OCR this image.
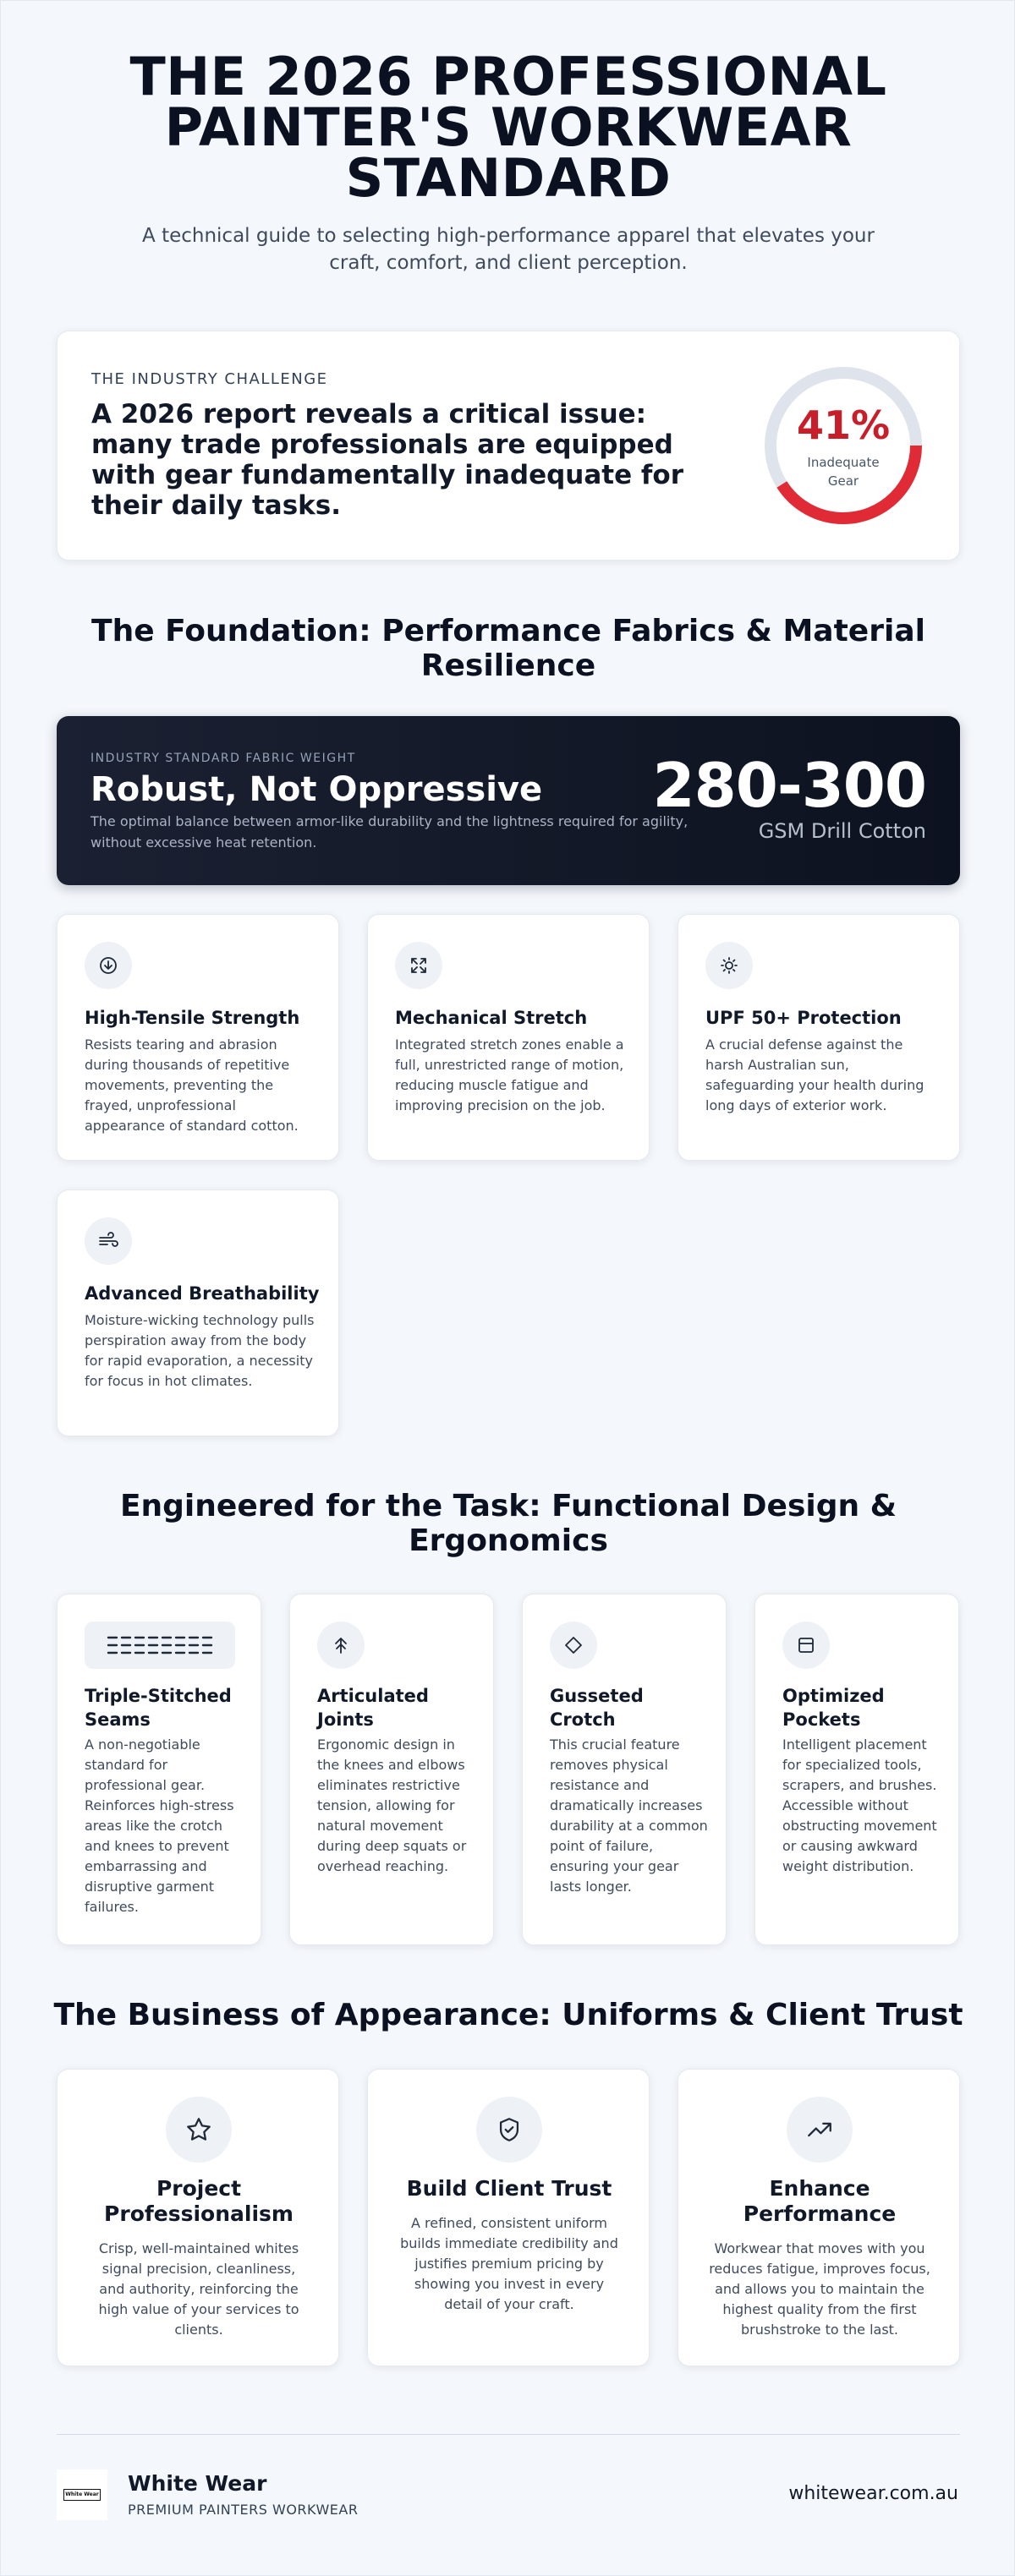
THE 2026 PROFESSIONAL PAINTER'S WORKWEAR STANDARD

A technical guide to selecting high-performance apparel that elevates your craft, comfort, and client perception.

THE INDUSTRY CHALLENGE
A 2026 report reveals a critical issue: many trade professionals are equipped with gear fundamentally inadequate for their daily tasks.
41%
Inadequate Gear
The Foundation: Performance Fabrics & Material Resilience
INDUSTRY STANDARD FABRIC WEIGHT
Robust, Not Oppressive
The optimal balance between armor-like durability and the lightness required for agility, without excessive heat retention.
280-300
GSM Drill Cotton
High-Tensile Strength

Resists tearing and abrasion during thousands of repetitive movements, preventing the frayed, unprofessional appearance of standard cotton.

Mechanical Stretch

Integrated stretch zones enable a full, unrestricted range of motion, reducing muscle fatigue and improving precision on the job.

UPF 50+ Protection

A crucial defense against the harsh Australian sun, safeguarding your health during long days of exterior work.

Advanced Breathability

Moisture-wicking technology pulls perspiration away from the body for rapid evaporation, a necessity for focus in hot climates.

Engineered for the Task: Functional Design & Ergonomics
Triple-Stitched Seams

A non-negotiable standard for professional gear. Reinforces high-stress areas like the crotch and knees to prevent embarrassing and disruptive garment failures.

Articulated Joints

Ergonomic design in the knees and elbows eliminates restrictive tension, allowing for natural movement during deep squats or overhead reaching.

Gusseted Crotch

This crucial feature removes physical resistance and dramatically increases durability at a common point of failure, ensuring your gear lasts longer.

Optimized Pockets

Intelligent placement for specialized tools, scrapers, and brushes. Accessible without obstructing movement or causing awkward weight distribution.

The Business of Appearance: Uniforms & Client Trust
Project Professionalism

Crisp, well-maintained whites signal precision, cleanliness, and authority, reinforcing the high value of your services to clients.

Build Client Trust

A refined, consistent uniform builds immediate credibility and justifies premium pricing by showing you invest in every detail of your craft.

Enhance Performance

Workwear that moves with you reduces fatigue, improves focus, and allows you to maintain the highest quality from the first brushstroke to the last.

White Wear White Wear
PREMIUM PAINTERS WORKWEAR
whitewear.com.au
